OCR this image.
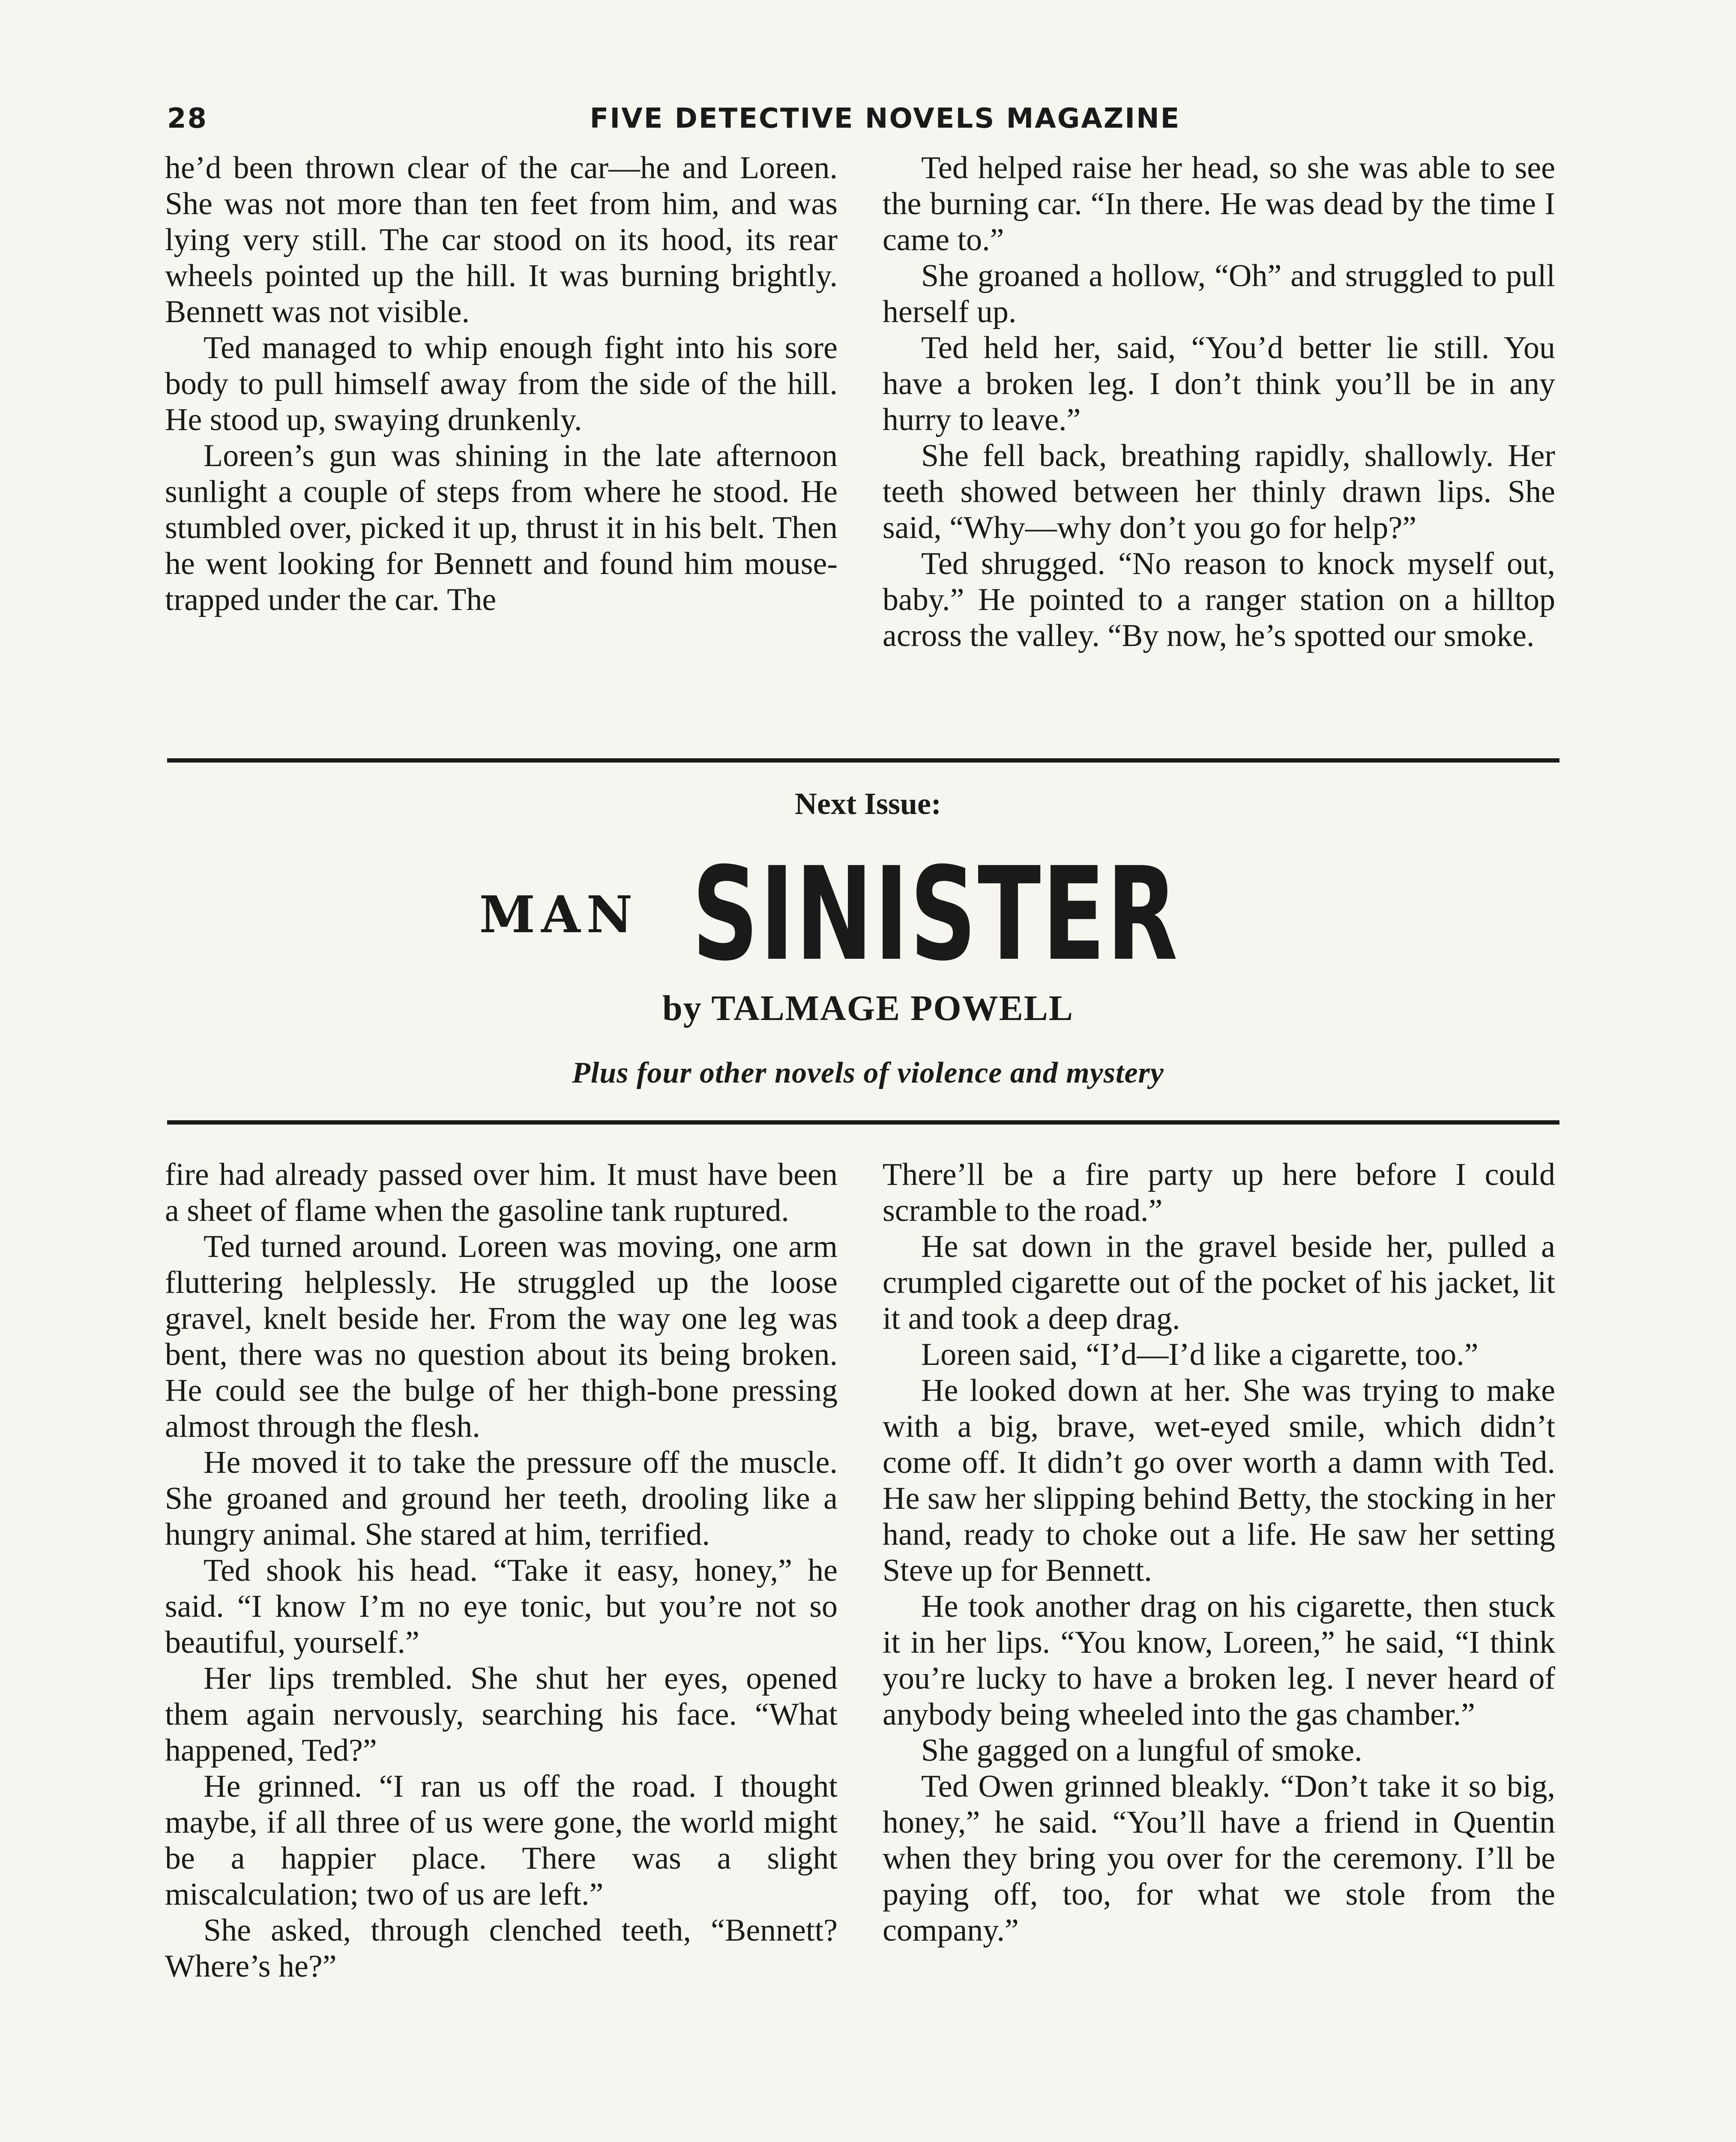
28	FIVE DETECTIVE NOVELS MAGAZINE

he’d been thrown clear of the car—he and Loreen. She was not more than ten feet from him, and was lying very still. The car stood on its hood, its rear wheels pointed up the hill. It was burning brightly. Bennett was not visible.

Ted managed to whip enough fight into his sore body to pull himself away from the side of the hill. He stood up, swaying drunkenly.

Loreen’s gun was shining in the late afternoon sunlight a couple of steps from where he stood. He stumbled over, picked it up, thrust it in his belt. Then he went looking for Bennett and found him mouse-trapped under the car. The

Ted helped raise her head, so she was able to see the burning car. “In there. He was dead by the time I came to.”

She groaned a hollow, “Oh” and struggled to pull herself up.

Ted held her, said, “You’d better lie still. You have a broken leg. I don’t think you’ll be in any hurry to leave.”

She fell back, breathing rapidly, shallowly. Her teeth showed between her thinly drawn lips. She said, “Why—why don’t you go for help?”

Ted shrugged. “No reason to knock myself out, baby.” He pointed to a ranger station on a hilltop across the valley. “By now, he’s spotted our smoke.

Next Issue:
MAN SINISTER
by TALMAGE POWELL
Plus four other novels of violence and mystery

fire had already passed over him. It must have been a sheet of flame when the gasoline tank ruptured.

Ted turned around. Loreen was moving, one arm fluttering helplessly. He struggled up the loose gravel, knelt beside her. From the way one leg was bent, there was no question about its being broken. He could see the bulge of her thigh-bone pressing almost through the flesh.

He moved it to take the pressure off the muscle. She groaned and ground her teeth, drooling like a hungry animal. She stared at him, terrified.

Ted shook his head. “Take it easy, honey,” he said. “I know I’m no eye tonic, but you’re not so beautiful, yourself.”

Her lips trembled. She shut her eyes, opened them again nervously, searching his face. “What happened, Ted?”

He grinned. “I ran us off the road. I thought maybe, if all three of us were gone, the world might be a happier place. There was a slight miscalculation; two of us are left.”

She asked, through clenched teeth, “Bennett? Where’s he?”

There’ll be a fire party up here before I could scramble to the road.”

He sat down in the gravel beside her, pulled a crumpled cigarette out of the pocket of his jacket, lit it and took a deep drag.

Loreen said, “I’d—I’d like a cigarette, too.”

He looked down at her. She was trying to make with a big, brave, wet-eyed smile, which didn’t come off. It didn’t go over worth a damn with Ted. He saw her slipping behind Betty, the stocking in her hand, ready to choke out a life. He saw her setting Steve up for Bennett.

He took another drag on his cigarette, then stuck it in her lips. “You know, Loreen,” he said, “I think you’re lucky to have a broken leg. I never heard of anybody being wheeled into the gas chamber.”

She gagged on a lungful of smoke.

Ted Owen grinned bleakly. “Don’t take it so big, honey,” he said. “You’ll have a friend in Quentin when they bring you over for the ceremony. I’ll be paying off, too, for what we stole from the company.”
